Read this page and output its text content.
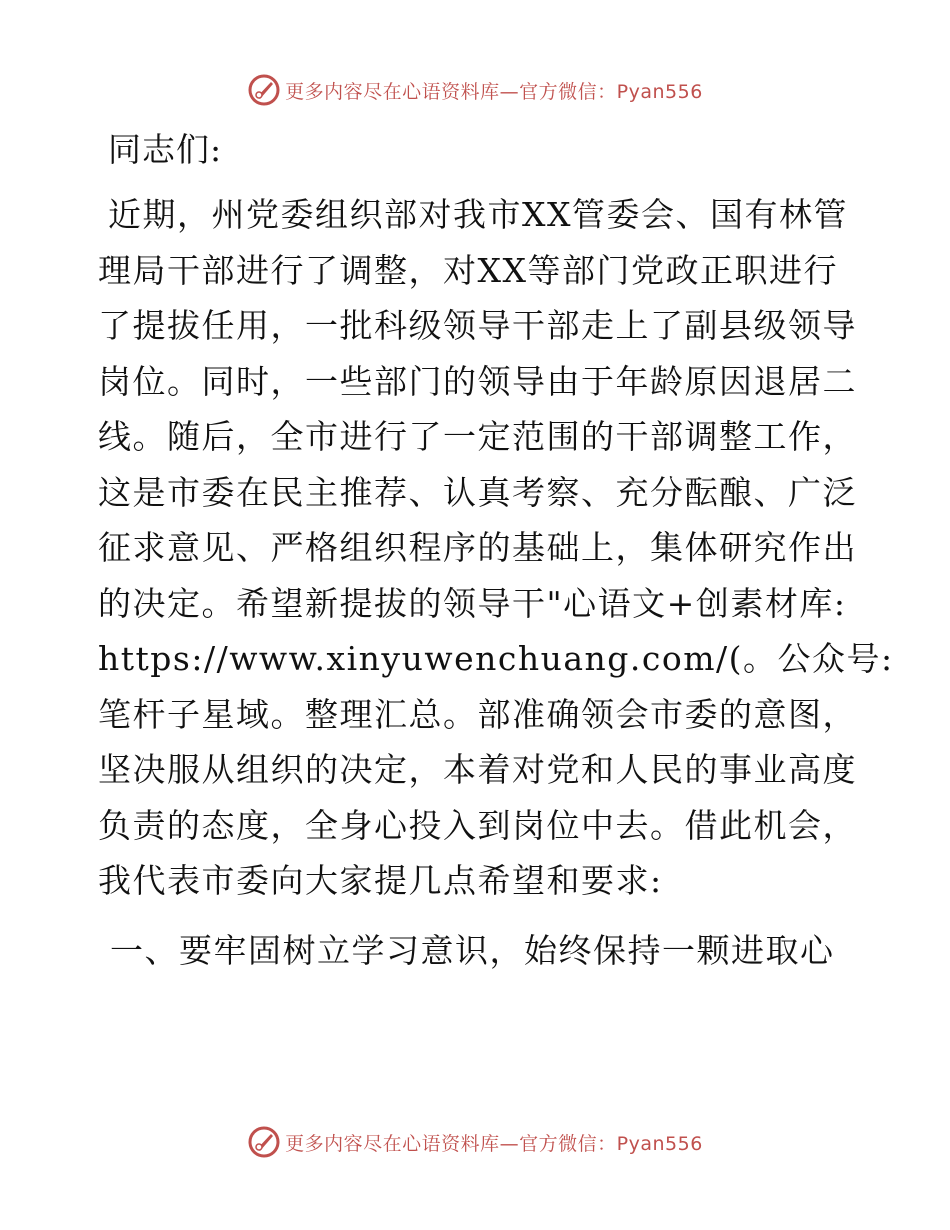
更多内容尽在心语资料库—官方微信：Pyan556
同志们:
近期，州党委组织部对我市XX管委会、国有林管
理局干部进行了调整，对XX等部门党政正职进行
了提拔任用，一批科级领导干部走上了副县级领导
岗位。同时，一些部门的领导由于年龄原因退居二
线。随后，全市进行了一定范围的干部调整工作，
这是市委在民主推荐、认真考察、充分酝酿、广泛
征求意见、严格组织程序的基础上，集体研究作出
的决定。希望新提拔的领导干"心语文+创素材库:
https://www.xinyuwenchuang.com/(。公众号:
笔杆子星域。整理汇总。部准确领会市委的意图，
坚决服从组织的决定，本着对党和人民的事业高度
负责的态度，全身心投入到岗位中去。借此机会，
我代表市委向大家提几点希望和要求:
一、要牢固树立学习意识，始终保持一颗进取心
更多内容尽在心语资料库—官方微信：Pyan556
